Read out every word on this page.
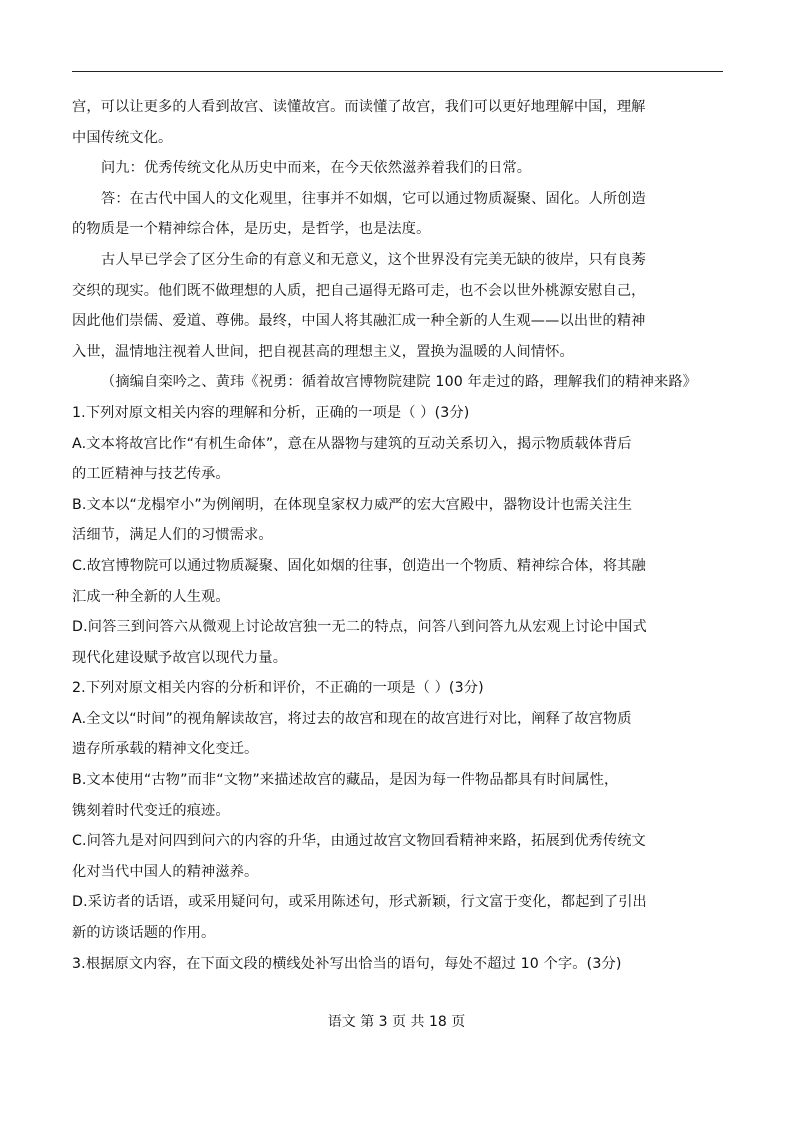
宫，可以让更多的人看到故宫、读懂故宫。而读懂了故宫，我们可以更好地理解中国，理解
中国传统文化。
问九：优秀传统文化从历史中而来，在今天依然滋养着我们的日常。
答：在古代中国人的文化观里，往事并不如烟，它可以通过物质凝聚、固化。人所创造
的物质是一个精神综合体，是历史，是哲学，也是法度。
古人早已学会了区分生命的有意义和无意义，这个世界没有完美无缺的彼岸，只有良莠
交织的现实。他们既不做理想的人质，把自己逼得无路可走，也不会以世外桃源安慰自己，
因此他们崇儒、爱道、尊佛。最终，中国人将其融汇成一种全新的人生观——以出世的精神
入世，温情地注视着人世间，把自视甚高的理想主义，置换为温暖的人间情怀。
（摘编自栾吟之、黄玮《祝勇：循着故宫博物院建院 100 年走过的路，理解我们的精神来路》
1.下列对原文相关内容的理解和分析，正确的一项是（ ）(3分)
A.文本将故宫比作“有机生命体”，意在从器物与建筑的互动关系切入，揭示物质载体背后
的工匠精神与技艺传承。
B.文本以“龙榻窄小”为例阐明，在体现皇家权力威严的宏大宫殿中，器物设计也需关注生
活细节，满足人们的习惯需求。
C.故宫博物院可以通过物质凝聚、固化如烟的往事，创造出一个物质、精神综合体，将其融
汇成一种全新的人生观。
D.问答三到问答六从微观上讨论故宫独一无二的特点，问答八到问答九从宏观上讨论中国式
现代化建设赋予故宫以现代力量。
2.下列对原文相关内容的分析和评价，不正确的一项是（ ）(3分)
A.全文以“时间”的视角解读故宫，将过去的故宫和现在的故宫进行对比，阐释了故宫物质
遗存所承载的精神文化变迁。
B.文本使用“古物”而非“文物”来描述故宫的藏品，是因为每一件物品都具有时间属性，
镌刻着时代变迁的痕迹。
C.问答九是对问四到问六的内容的升华，由通过故宫文物回看精神来路，拓展到优秀传统文
化对当代中国人的精神滋养。
D.采访者的话语，或采用疑问句，或采用陈述句，形式新颖，行文富于变化，都起到了引出
新的访谈话题的作用。
3.根据原文内容，在下面文段的横线处补写出恰当的语句，每处不超过 10 个字。(3分)
语文 第 3 页 共 18 页
